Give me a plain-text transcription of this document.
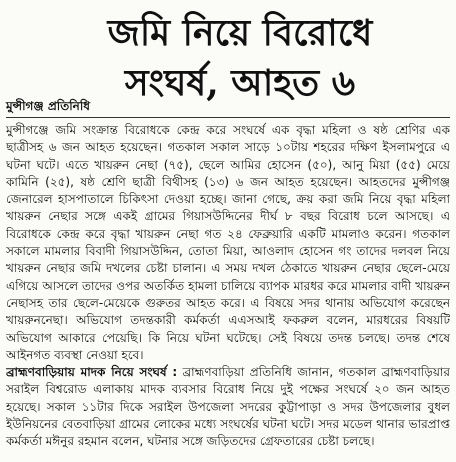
জমি নিয়ে বিরোধে
সংঘর্ষ, আহত ৬
মুন্সীগঞ্জ প্রতিনিধি

মুন্সীগঞ্জে জমি সংক্রান্ত বিরোধকে কেন্দ্র করে সংঘর্ষে এক বৃদ্ধা মহিলা ও ষষ্ঠ শ্রেণির এক ছাত্রীসহ ৬ জন আহত হয়েছেন। গতকাল সকাল সাড়ে ১০টায় শহরের দক্ষিণ ইসলামপুরে এ ঘটনা ঘটে। এতে খায়রুন নেছা (৭৫), ছেলে আমির হোসেন (৫০), আনু মিয়া (৫৫) মেয়ে কামিনি (২৫), ষষ্ঠ শ্রেণি ছাত্রী বিথীসহ (১৩) ৬ জন আহত হয়েছেন। আহতদের মুন্সীগঞ্জ জেনারেল হাসপাতালে চিকিৎসা দেওয়া হচ্ছে। জানা গেছে, ক্রয় করা জমি নিয়ে বৃদ্ধা মহিলা খায়রুন নেছার সঙ্গে একই গ্রামের গিয়াসউদ্দিনের দীর্ঘ ৮ বছর বিরোধ চলে আসছে। এ বিরোধকে কেন্দ্র করে বৃদ্ধা খায়রুন নেছা গত ২৪ ফেব্রুয়ারি একটি মামলাও করেন। গতকাল সকালে মামলার বিবাদী গিয়াসউদ্দিন, তোতা মিয়া, আওলাদ হোসেন গং তাদের দলবল নিয়ে খায়রুন নেছার জমি দখলের চেষ্টা চালান। এ সময় দখল ঠেকাতে খায়রুন নেছার ছেলে-মেয়ে এগিয়ে আসলে তাদের ওপর অতর্কিত হামলা চালিয়ে ব্যাপক মারধর করে মামলার বাদী খায়রুন নেছাসহ তার ছেলে-মেয়েকে গুরুতর আহত করে। এ বিষয়ে সদর থানায় অভিযোগ করেছেন খায়রুননেছা। অভিযোগ তদন্তকারী কর্মকর্তা এএসআই ফকরুল বলেন, মারধরের বিষয়টি অভিযোগ আকারে পেয়েছি। কি নিয়ে ঘটনা ঘটেছে। সেই বিষয়ে তদন্ত চলছে। তদন্ত শেষে আইনগত ব্যবস্থা নেওয়া হবে।

ব্রাহ্মণবাড়িয়ায় মাদক নিয়ে সংঘর্ষ : ব্রাহ্মণবাড়িয়া প্রতিনিধি জানান, গতকাল ব্রাহ্মণবাড়িয়ার সরাইল বিশ্বরোড এলাকায় মাদক ব্যবসার বিরোধ নিয়ে দুই পক্ষের সংঘর্ষে ২০ জন আহত হয়েছে। সকাল ১১টার দিকে সরাইল উপজেলা সদরের কুট্টাপাড়া ও সদর উপজেলার বুধল ইউনিয়নের বেতবাড়িয়া গ্রামের লোকের মধ্যে সংঘর্ষের ঘটনা ঘটে। সদর মডেল থানার ভারপ্রাপ্ত কর্মকর্তা মঈনুর রহমান বলেন, ঘটনার সঙ্গে জড়িতদের গ্রেফতারের চেষ্টা চলছে।
